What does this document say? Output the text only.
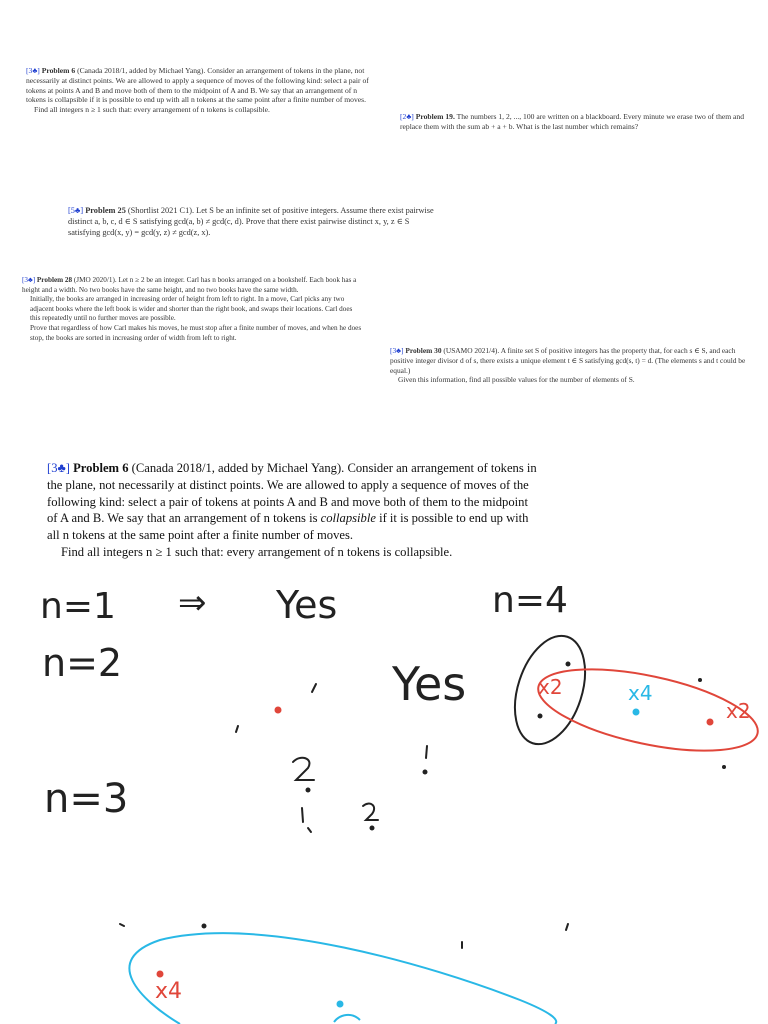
[3♣] Problem 6 (Canada 2018/1, added by Michael Yang). Consider an arrangement of tokens in the plane, not necessarily at distinct points. We are allowed to apply a sequence of moves of the following kind: select a pair of tokens at points A and B and move both of them to the midpoint of A and B. We say that an arrangement of n tokens is collapsible if it is possible to end up with all n tokens at the same point after a finite number of moves.

Find all integers n ≥ 1 such that: every arrangement of n tokens is collapsible.

[2♣] Problem 19. The numbers 1, 2, ..., 100 are written on a blackboard. Every minute we erase two of them and replace them with the sum ab + a + b. What is the last number which remains?

[5♣] Problem 25 (Shortlist 2021 C1). Let S be an infinite set of positive integers. Assume there exist pairwise distinct a, b, c, d ∈ S satisfying gcd(a, b) ≠ gcd(c, d). Prove that there exist pairwise distinct x, y, z ∈ S satisfying gcd(x, y) = gcd(y, z) ≠ gcd(z, x).

[3♣] Problem 28 (JMO 2020/1). Let n ≥ 2 be an integer. Carl has n books arranged on a bookshelf. Each book has a height and a width. No two books have the same height, and no two books have the same width.

Initially, the books are arranged in increasing order of height from left to right. In a move, Carl picks any two adjacent books where the left book is wider and shorter than the right book, and swaps their locations. Carl does this repeatedly until no further moves are possible.

Prove that regardless of how Carl makes his moves, he must stop after a finite number of moves, and when he does stop, the books are sorted in increasing order of width from left to right.

[3♣] Problem 30 (USAMO 2021/4). A finite set S of positive integers has the property that, for each s ∈ S, and each positive integer divisor d of s, there exists a unique element t ∈ S satisfying gcd(s, t) = d. (The elements s and t could be equal.)

Given this information, find all possible values for the number of elements of S.

[3♣] Problem 6 (Canada 2018/1, added by Michael Yang). Consider an arrangement of tokens in the plane, not necessarily at distinct points. We are allowed to apply a sequence of moves of the following kind: select a pair of tokens at points A and B and move both of them to the midpoint of A and B. We say that an arrangement of n tokens is collapsible if it is possible to end up with all n tokens at the same point after a finite number of moves.

Find all integers n ≥ 1 such that: every arrangement of n tokens is collapsible.

n=1 ⇒ Yes	n=4
n=2	Yes
n=3
x2	x4
x2
x4
